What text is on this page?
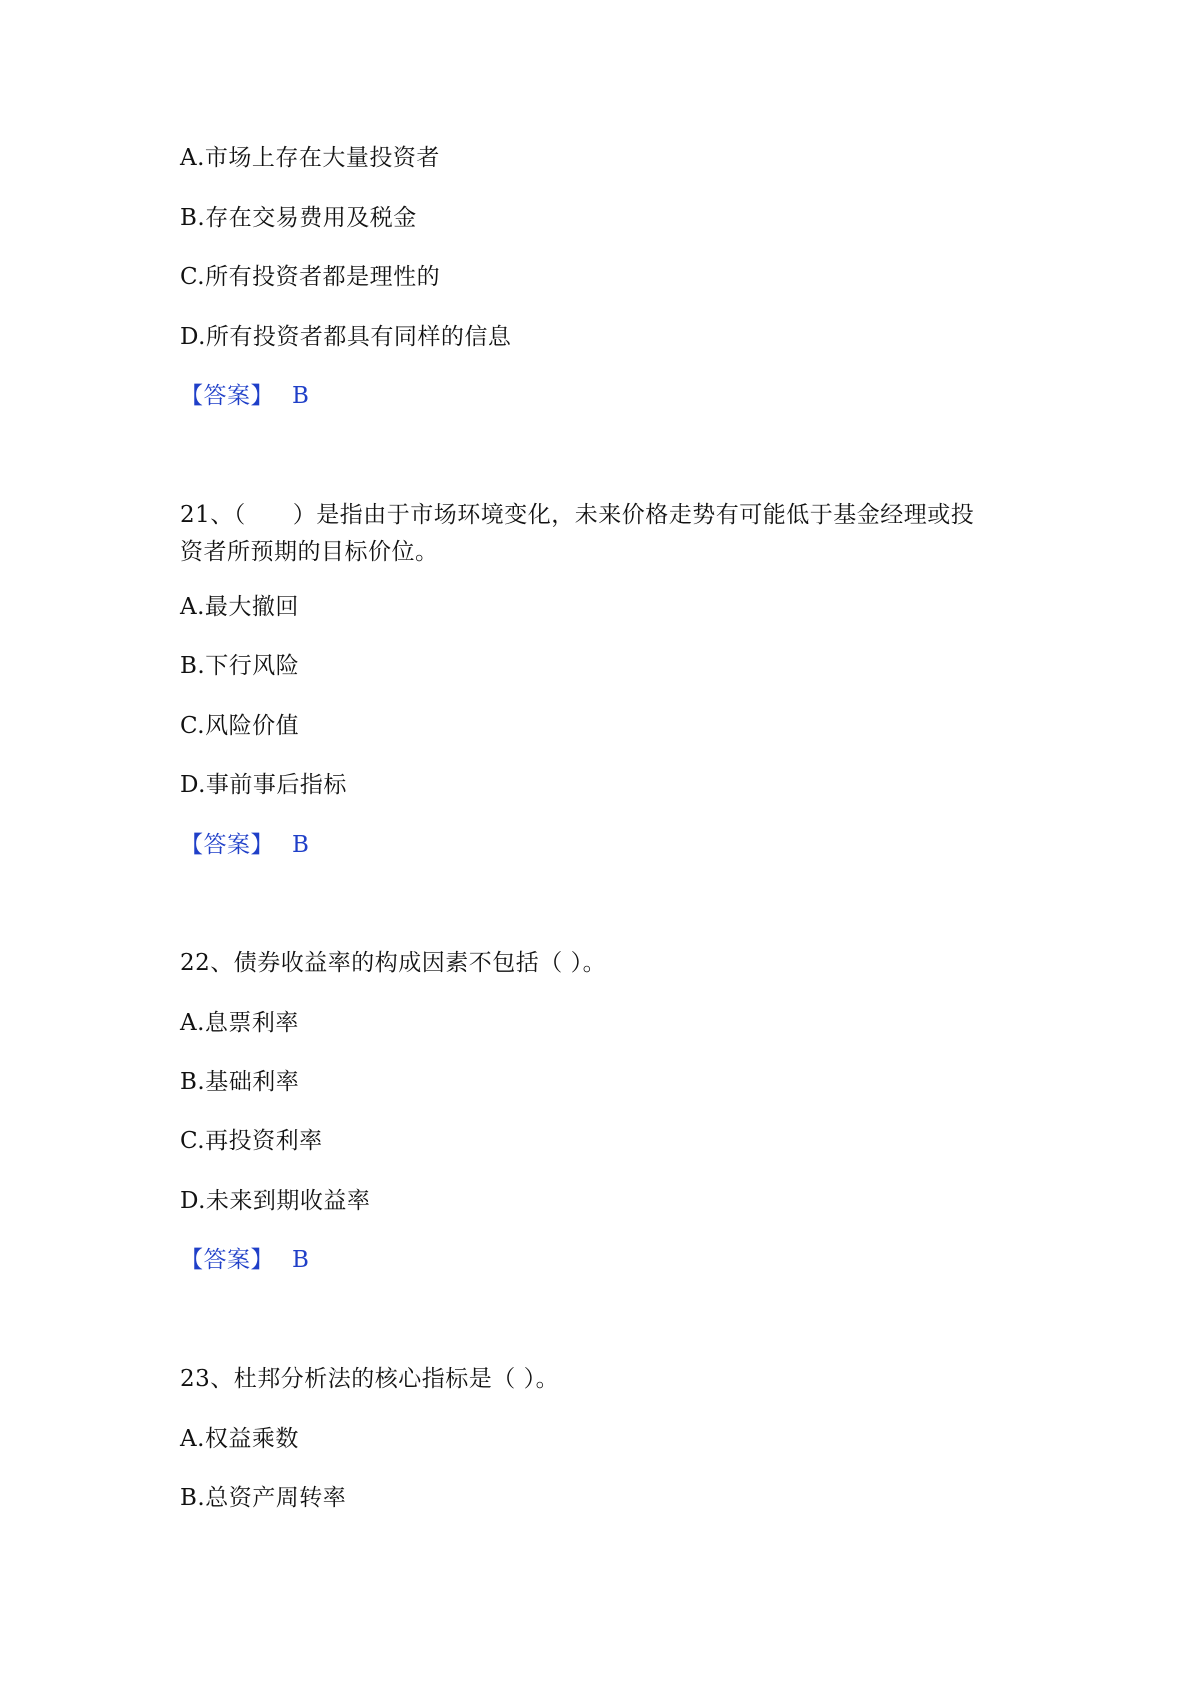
A.市场上存在大量投资者
B.存在交易费用及税金
C.所有投资者都是理性的
D.所有投资者都具有同样的信息
【答案】 B
21、（　　）是指由于市场环境变化，未来价格走势有可能低于基金经理或投
资者所预期的目标价位。
A.最大撤回
B.下行风险
C.风险价值
D.事前事后指标
【答案】 B
22、债券收益率的构成因素不包括（ ）。
A.息票利率
B.基础利率
C.再投资利率
D.未来到期收益率
【答案】 B
23、杜邦分析法的核心指标是（ ）。
A.权益乘数
B.总资产周转率
